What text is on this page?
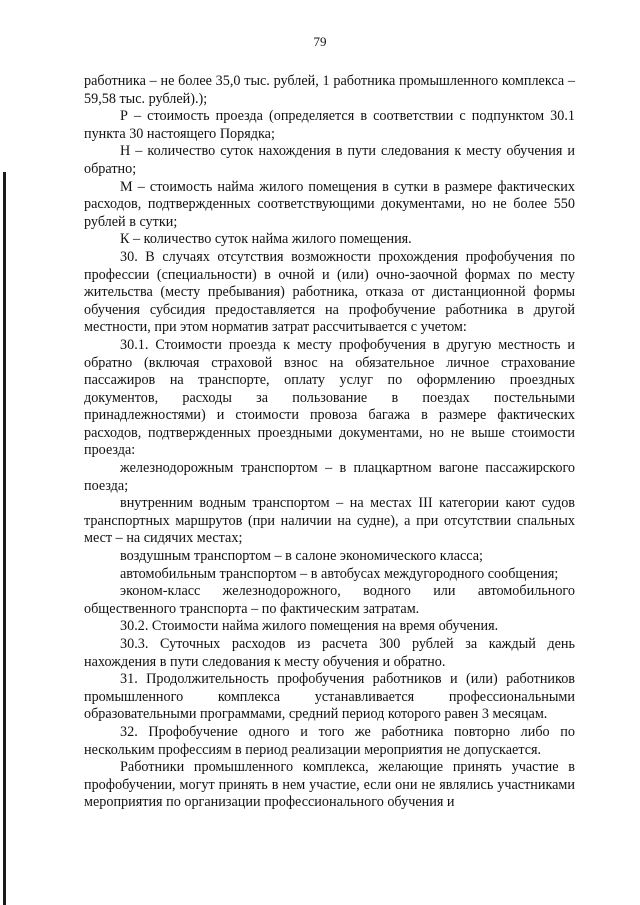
79

работника – не более 35,0 тыс. рублей, 1 работника промышленного комплекса – 59,58 тыс. рублей).);

Р – стоимость проезда (определяется в соответствии с подпунктом 30.1 пункта 30 настоящего Порядка;

Н – количество суток нахождения в пути следования к месту обучения и обратно;

М – стоимость найма жилого помещения в сутки в размере фактических расходов, подтвержденных соответствующими документами, но не более 550 рублей в сутки;

К – количество суток найма жилого помещения.

30. В случаях отсутствия возможности прохождения профобучения по профессии (специальности) в очной и (или) очно-заочной формах по месту жительства (месту пребывания) работника, отказа от дистанционной формы обучения субсидия предоставляется на профобучение работника в другой местности, при этом норматив затрат рассчитывается с учетом:

30.1. Стоимости проезда к месту профобучения в другую местность и обратно (включая страховой взнос на обязательное личное страхование пассажиров на транспорте, оплату услуг по оформлению проездных документов, расходы за пользование в поездах постельными принадлежностями) и стоимости провоза багажа в размере фактических расходов, подтвержденных проездными документами, но не выше стоимости проезда:

железнодорожным транспортом – в плацкартном вагоне пассажирского поезда;

внутренним водным транспортом – на местах III категории кают судов транспортных маршрутов (при наличии на судне), а при отсутствии спальных мест – на сидячих местах;

воздушным транспортом – в салоне экономического класса;

автомобильным транспортом – в автобусах междугородного сообщения;

эконом-класс железнодорожного, водного или автомобильного общественного транспорта – по фактическим затратам.

30.2. Стоимости найма жилого помещения на время обучения.

30.3. Суточных расходов из расчета 300 рублей за каждый день нахождения в пути следования к месту обучения и обратно.

31. Продолжительность профобучения работников и (или) работников промышленного комплекса устанавливается профессиональными образовательными программами, средний период которого равен 3 месяцам.

32. Профобучение одного и того же работника повторно либо по нескольким профессиям в период реализации мероприятия не допускается.

Работники промышленного комплекса, желающие принять участие в профобучении, могут принять в нем участие, если они не являлись участниками мероприятия по организации профессионального обучения и
